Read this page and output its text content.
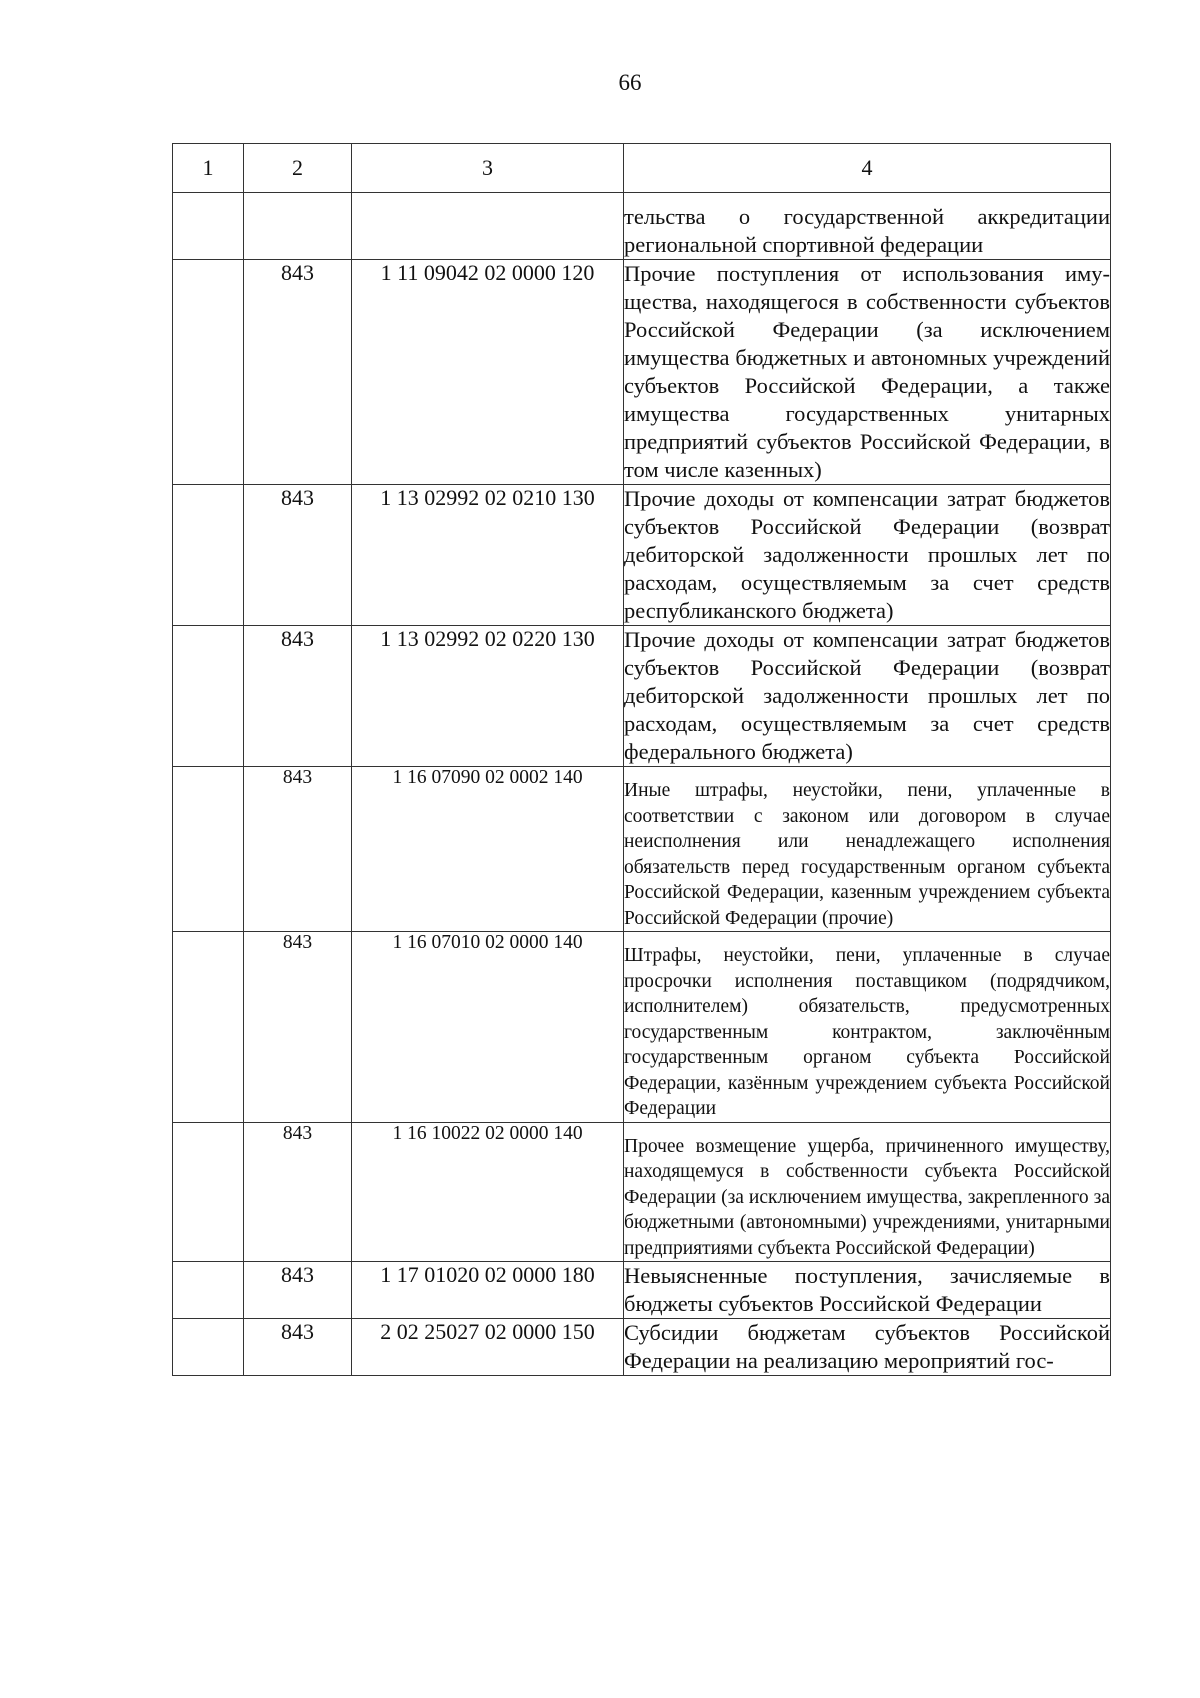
66
1	2	3	4
			тельства о государственной аккредитации региональной спортивной федерации
	843	1 11 09042 02 0000 120	Прочие поступления от использования имущества, находящегося в собственности субъектов Российской Федерации (за исключением имущества бюджетных и автономных учреждений субъектов Российской Федерации, а также имущества государственных унитарных предприятий субъектов Российской Федерации, в том числе казенных)
	843	1 13 02992 02 0210 130	Прочие доходы от компенсации затрат бюджетов субъектов Российской Федерации (возврат дебиторской задолженности прошлых лет по расходам, осуществляемым за счет средств республиканского бюджета)
	843	1 13 02992 02 0220 130	Прочие доходы от компенсации затрат бюджетов субъектов Российской Федерации (возврат дебиторской задолженности прошлых лет по расходам, осуществляемым за счет средств федерального бюджета)
	843	1 16 07090 02 0002 140	Иные штрафы, неустойки, пени, уплаченные в соответствии с законом или договором в случае неисполнения или ненадлежащего исполнения обязательств перед государственным органом субъекта Российской Федерации, казенным учреждением субъекта Российской Федерации (прочие)
	843	1 16 07010 02 0000 140	Штрафы, неустойки, пени, уплаченные в случае просрочки исполнения поставщиком (подрядчиком, исполнителем) обязательств, предусмотренных государственным контрактом, заключённым государственным органом субъекта Российской Федерации, казённым учреждением субъекта Российской Федерации
	843	1 16 10022 02 0000 140	Прочее возмещение ущерба, причиненного имуществу, находящемуся в собственности субъекта Российской Федерации (за исключением имущества, закрепленного за бюджетными (автономными) учреждениями, унитарными предприятиями субъекта Российской Федерации)
	843	1 17 01020 02 0000 180	Невыясненные поступления, зачисляемые в бюджеты субъектов Российской Федерации
	843	2 02 25027 02 0000 150	Субсидии бюджетам субъектов Российской Федерации на реализацию мероприятий гос-
